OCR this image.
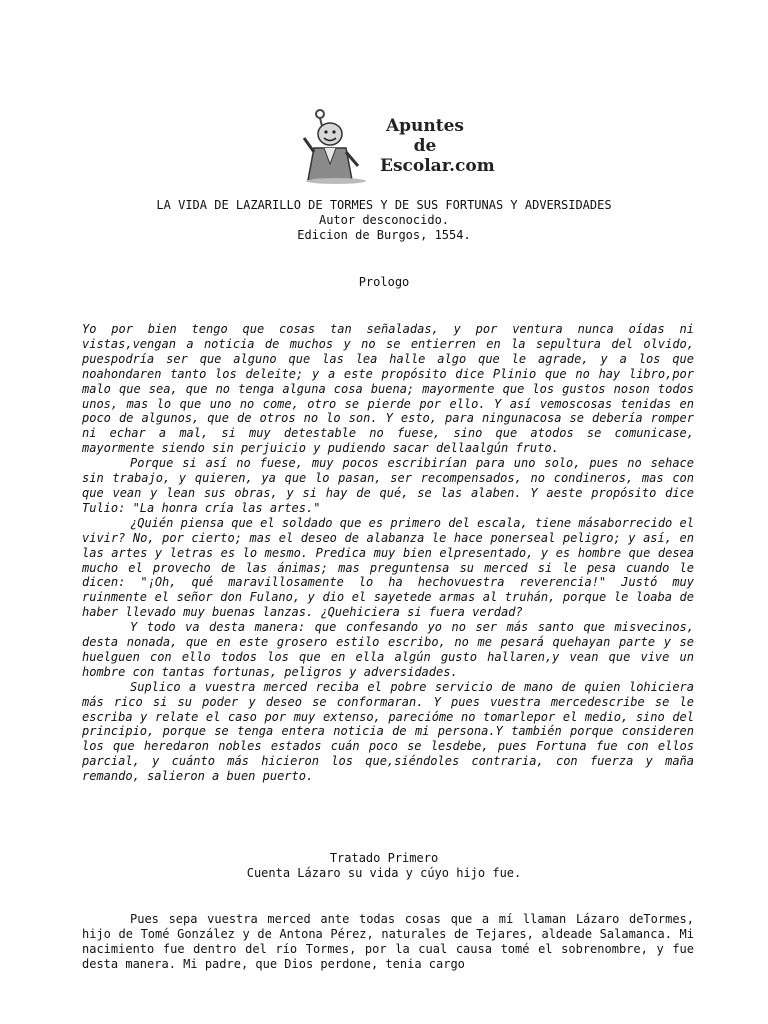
Apuntes
de
Escolar.com
LA VIDA DE LAZARILLO DE TORMES Y DE SUS FORTUNAS Y ADVERSIDADES
Autor desconocido.
Edicion de Burgos, 1554.
Prologo

Yo por bien tengo que cosas tan señaladas, y por ventura nunca oídas ni vistas,vengan a noticia de muchos y no se entierren en la sepultura del olvido, puespodría ser que alguno que las lea halle algo que le agrade, y a los que noahondaren tanto los deleite; y a este propósito dice Plinio que no hay libro,por malo que sea, que no tenga alguna cosa buena; mayormente que los gustos noson todos unos, mas lo que uno no come, otro se pierde por ello. Y así vemoscosas tenidas en poco de algunos, que de otros no lo son. Y esto, para ningunacosa se debería romper ni echar a mal, si muy detestable no fuese, sino que atodos se comunicase, mayormente siendo sin perjuicio y pudiendo sacar dellaalgún fruto.

Porque si así no fuese, muy pocos escribirían para uno solo, pues no sehace sin trabajo, y quieren, ya que lo pasan, ser recompensados, no condineros, mas con que vean y lean sus obras, y si hay de qué, se las alaben. Y aeste propósito dice Tulio: "La honra cría las artes."

¿Quién piensa que el soldado que es primero del escala, tiene másaborrecido el vivir? No, por cierto; mas el deseo de alabanza le hace ponerseal peligro; y así, en las artes y letras es lo mesmo. Predica muy bien elpresentado, y es hombre que desea mucho el provecho de las ánimas; mas preguntensa su merced si le pesa cuando le dicen: "¡Oh, qué maravillosamente lo ha hechovuestra reverencia!" Justó muy ruinmente el señor don Fulano, y dio el sayetede armas al truhán, porque le loaba de haber llevado muy buenas lanzas. ¿Quehiciera si fuera verdad?

Y todo va desta manera: que confesando yo no ser más santo que misvecinos, desta nonada, que en este grosero estilo escribo, no me pesará quehayan parte y se huelguen con ello todos los que en ella algún gusto hallaren,y vean que vive un hombre con tantas fortunas, peligros y adversidades.

Suplico a vuestra merced reciba el pobre servicio de mano de quien lohiciera más rico si su poder y deseo se conformaran. Y pues vuestra mercedescribe se le escriba y relate el caso por muy extenso, parecióme no tomarlepor el medio, sino del principio, porque se tenga entera noticia de mi persona.Y también porque consideren los que heredaron nobles estados cuán poco se lesdebe, pues Fortuna fue con ellos parcial, y cuánto más hicieron los que,siéndoles contraria, con fuerza y maña remando, salieron a buen puerto.

Tratado Primero
Cuenta Lázaro su vida y cúyo hijo fue.

Pues sepa vuestra merced ante todas cosas que a mí llaman Lázaro deTormes, hijo de Tomé González y de Antona Pérez, naturales de Tejares, aldeade Salamanca. Mi nacimiento fue dentro del río Tormes, por la cual causa tomé el sobrenombre, y fue desta manera. Mi padre, que Dios perdone, tenia cargo
